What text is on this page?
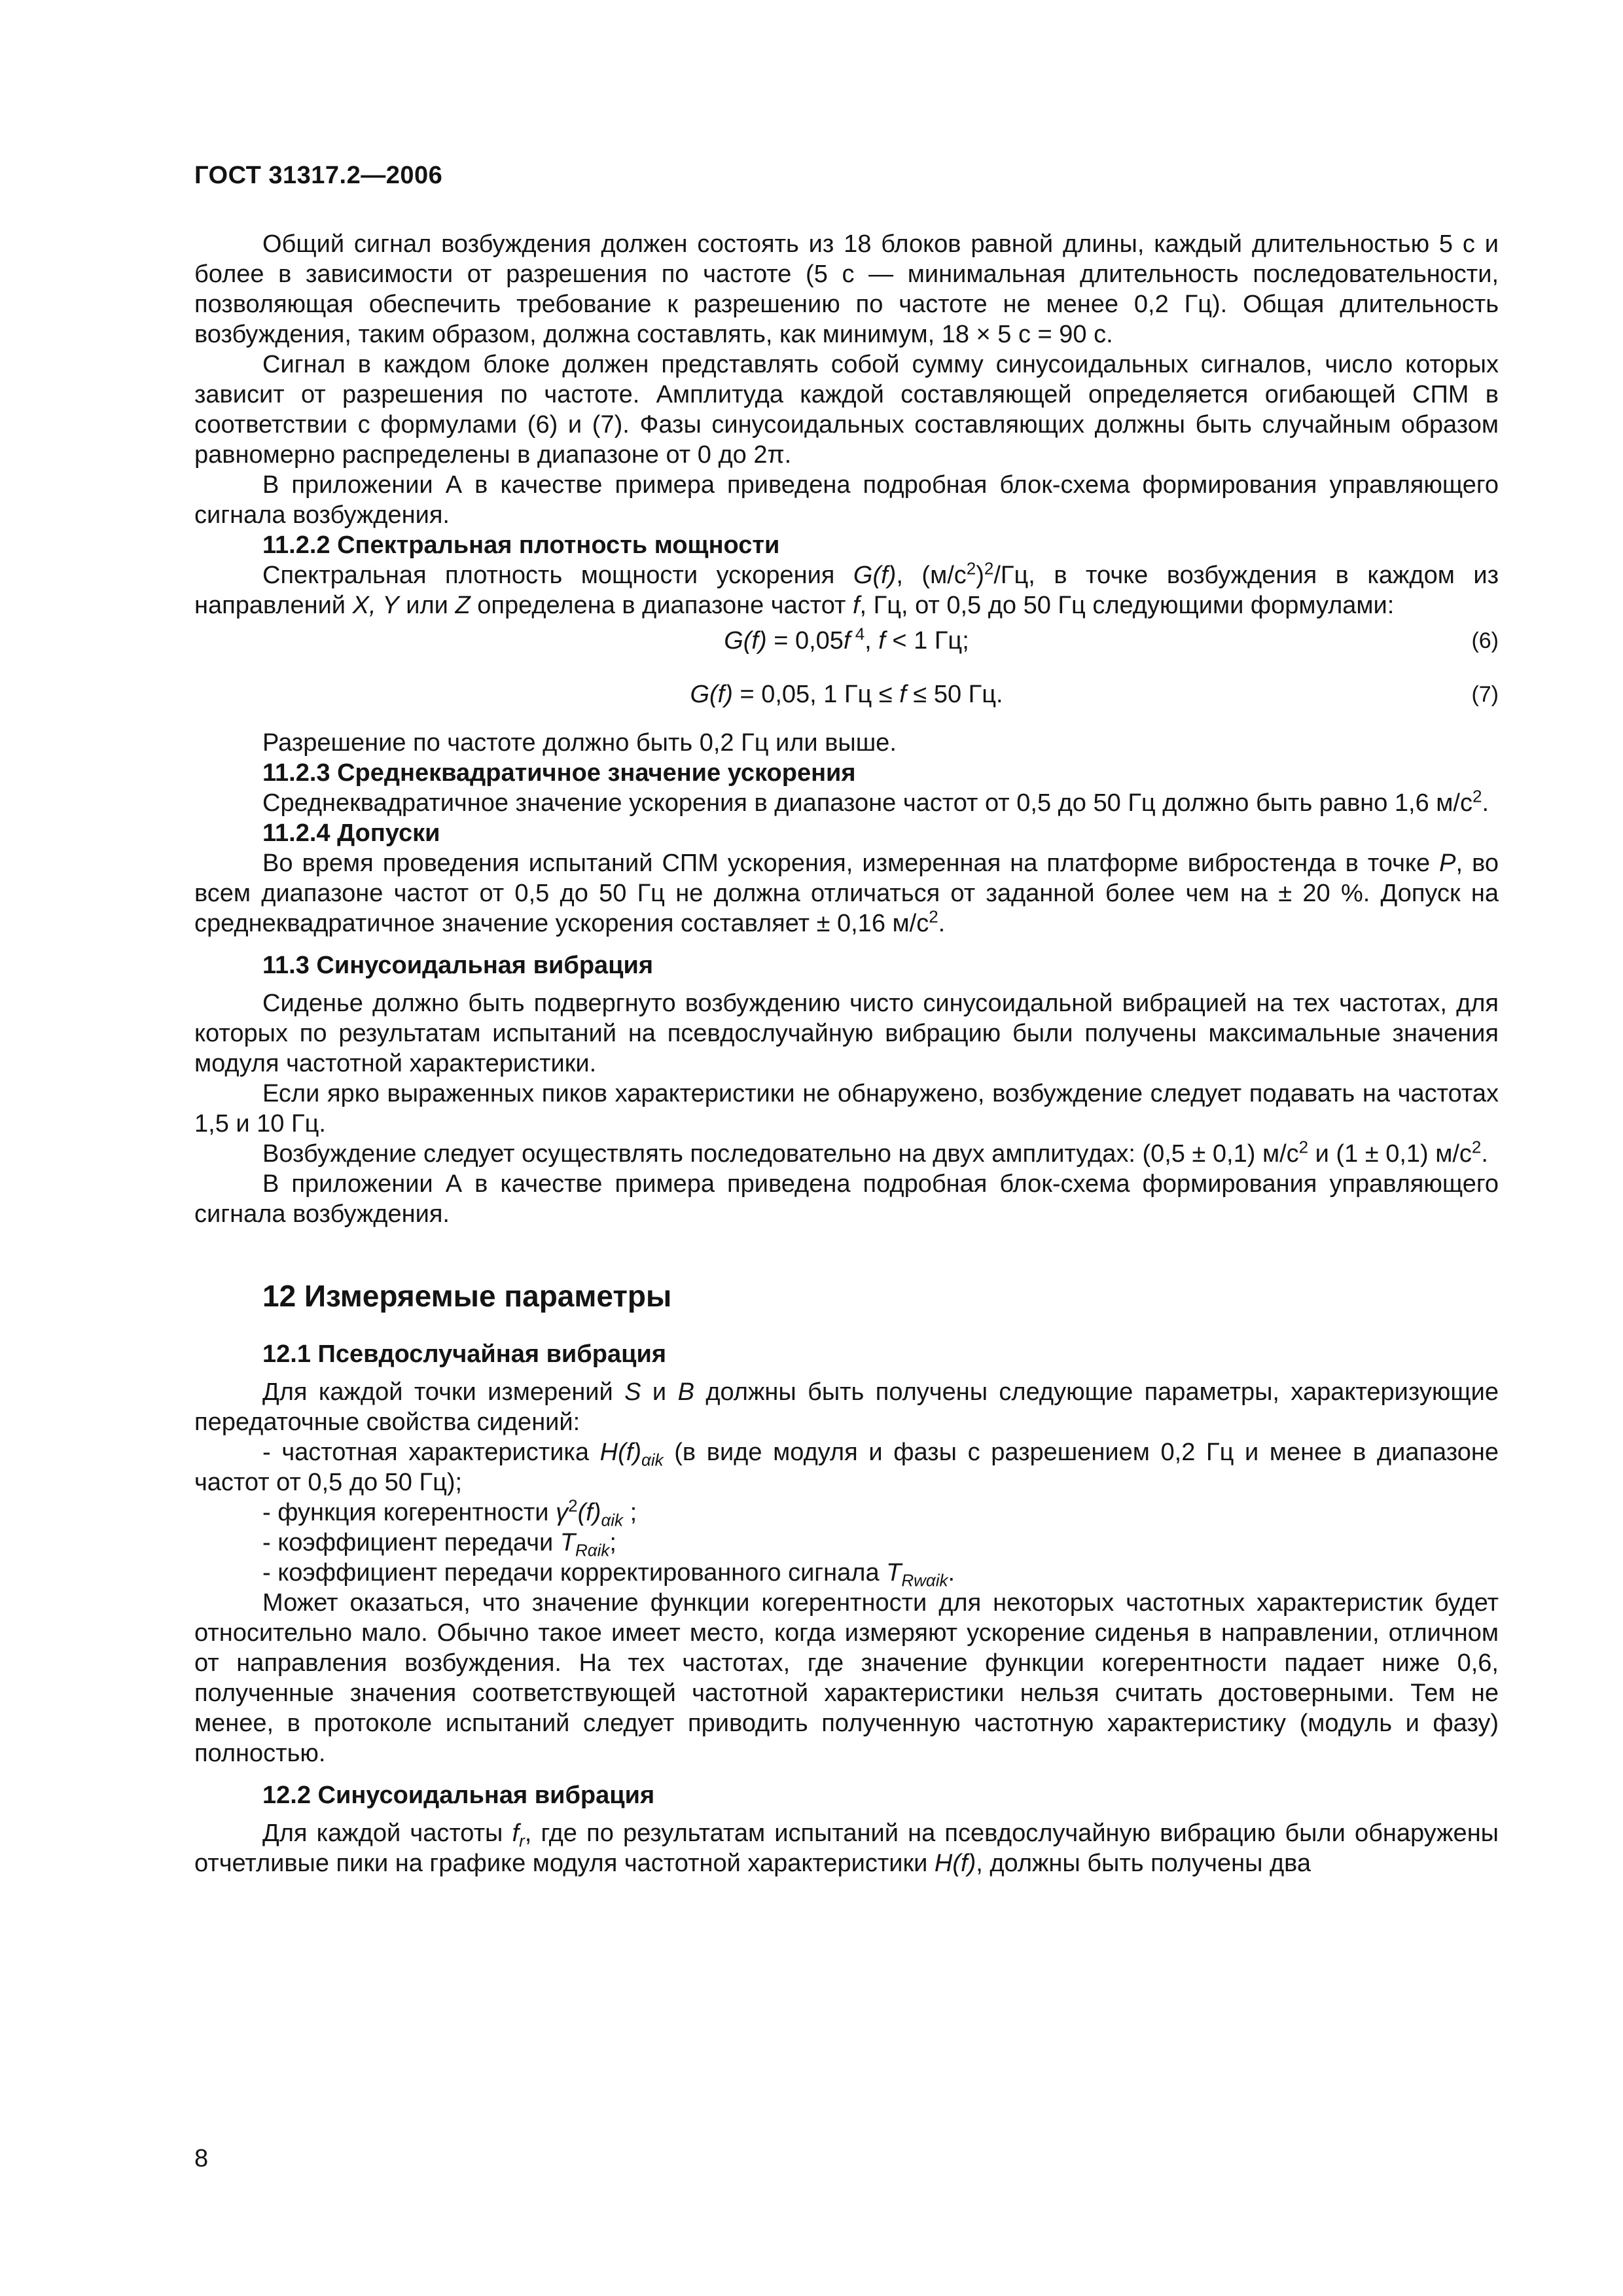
ГОСТ 31317.2—2006

Общий сигнал возбуждения должен состоять из 18 блоков равной длины, каждый длительностью 5 с и более в зависимости от разрешения по частоте (5 с — минимальная длительность последовательности, позволяющая обеспечить требование к разрешению по частоте не менее 0,2 Гц). Общая длительность возбуждения, таким образом, должна составлять, как минимум, 18 × 5 с = 90 с.

Сигнал в каждом блоке должен представлять собой сумму синусоидальных сигналов, число которых зависит от разрешения по частоте. Амплитуда каждой составляющей определяется огибающей СПМ в соответствии с формулами (6) и (7). Фазы синусоидальных составляющих должны быть случайным образом равномерно распределены в диапазоне от 0 до 2π.

В приложении А в качестве примера приведена подробная блок-схема формирования управляющего сигнала возбуждения.

11.2.2 Спектральная плотность мощности

Спектральная плотность мощности ускорения G(f), $(м/с^2)^2/Гц$, в точке возбуждения в каждом из направлений X, Y или Z определена в диапазоне частот f, Гц, от 0,5 до 50 Гц следующими формулами:

G(f) = 0,05f $^4$, f < 1 Гц;	(6)
G(f) = 0,05, 1 Гц ≤ f ≤ 50 Гц.	(7)

Разрешение по частоте должно быть 0,2 Гц или выше.

11.2.3 Среднеквадратичное значение ускорения

Среднеквадратичное значение ускорения в диапазоне частот от 0,5 до 50 Гц должно быть равно 1,6 $м/с^2$.

11.2.4 Допуски

Во время проведения испытаний СПМ ускорения, измеренная на платформе вибростенда в точке P, во всем диапазоне частот от 0,5 до 50 Гц не должна отличаться от заданной более чем на ± 20 %. Допуск на среднеквадратичное значение ускорения составляет ± 0,16 $м/с^2$.

11.3 Синусоидальная вибрация

Сиденье должно быть подвергнуто возбуждению чисто синусоидальной вибрацией на тех частотах, для которых по результатам испытаний на псевдослучайную вибрацию были получены максимальные значения модуля частотной характеристики.

Если ярко выраженных пиков характеристики не обнаружено, возбуждение следует подавать на частотах 1,5 и 10 Гц.

Возбуждение следует осуществлять последовательно на двух амплитудах: (0,5 ± 0,1) $м/с^2$ и (1 ± 0,1) $м/с^2$.

В приложении А в качестве примера приведена подробная блок-схема формирования управляющего сигнала возбуждения.

12 Измеряемые параметры
12.1 Псевдослучайная вибрация

Для каждой точки измерений S и B должны быть получены следующие параметры, характеризующие передаточные свойства сидений:

- частотная характеристика $H(f)_{\alpha ik}$ (в виде модуля и фазы с разрешением 0,2 Гц и менее в диапазоне частот от 0,5 до 50 Гц);

- функция когерентности $\gamma^2(f)_{\alpha ik}$ ;

- коэффициент передачи $T_{R\alpha ik}$;

- коэффициент передачи корректированного сигнала $T_{Rw\alpha ik}$.

Может оказаться, что значение функции когерентности для некоторых частотных характеристик будет относительно мало. Обычно такое имеет место, когда измеряют ускорение сиденья в направлении, отличном от направления возбуждения. На тех частотах, где значение функции когерентности падает ниже 0,6, полученные значения соответствующей частотной характеристики нельзя считать достоверными. Тем не менее, в протоколе испытаний следует приводить полученную частотную характеристику (модуль и фазу) полностью.

12.2 Синусоидальная вибрация

Для каждой частоты $f_r$, где по результатам испытаний на псевдослучайную вибрацию были обнаружены отчетливые пики на графике модуля частотной характеристики H(f), должны быть получены два

8
